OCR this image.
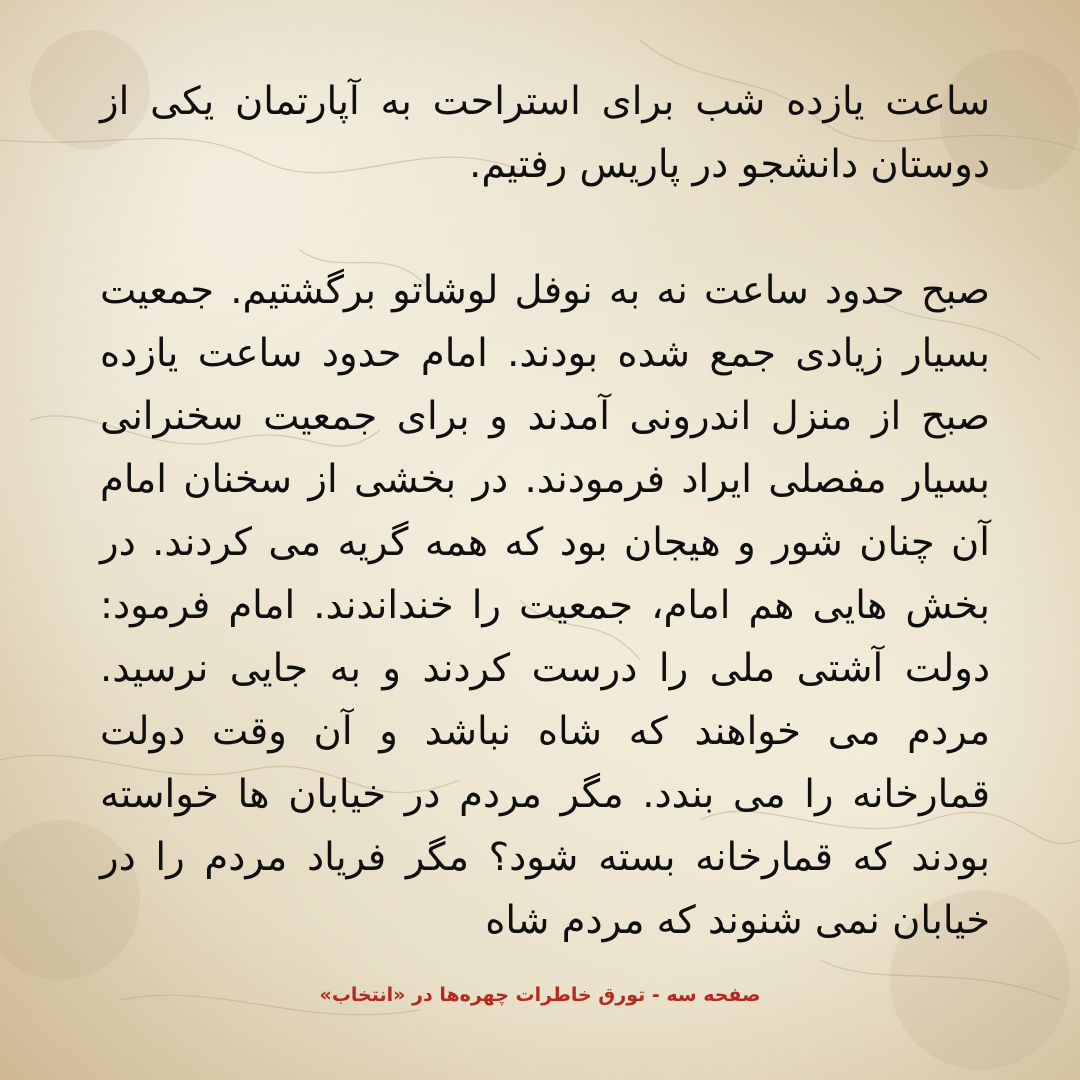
ساعت یازده شب برای استراحت به آپارتمان یکی از دوستان دانشجو در پاریس رفتیم.

صبح حدود ساعت نه به نوفل لوشاتو برگشتیم. جمعیت بسیار زیادی جمع شده بودند. امام حدود ساعت یازده صبح از منزل اندرونی آمدند و برای جمعیت سخنرانی بسیار مفصلی ایراد فرمودند. در بخشی از سخنان امام آن چنان شور و هیجان بود که همه گریه می کردند. در بخش هایی هم امام، جمعیت را خنداندند. امام فرمود: دولت آشتی ملی را درست کردند و به جایی نرسید. مردم می خواهند که شاه نباشد و آن وقت دولت قمارخانه را می بندد. مگر مردم در خیابان ها خواسته بودند که قمارخانه بسته شود؟ مگر فریاد مردم را در خیابان نمی شنوند که مردم شاه

صفحه سه - تورق خاطرات چهره‌ها در «انتخاب»
